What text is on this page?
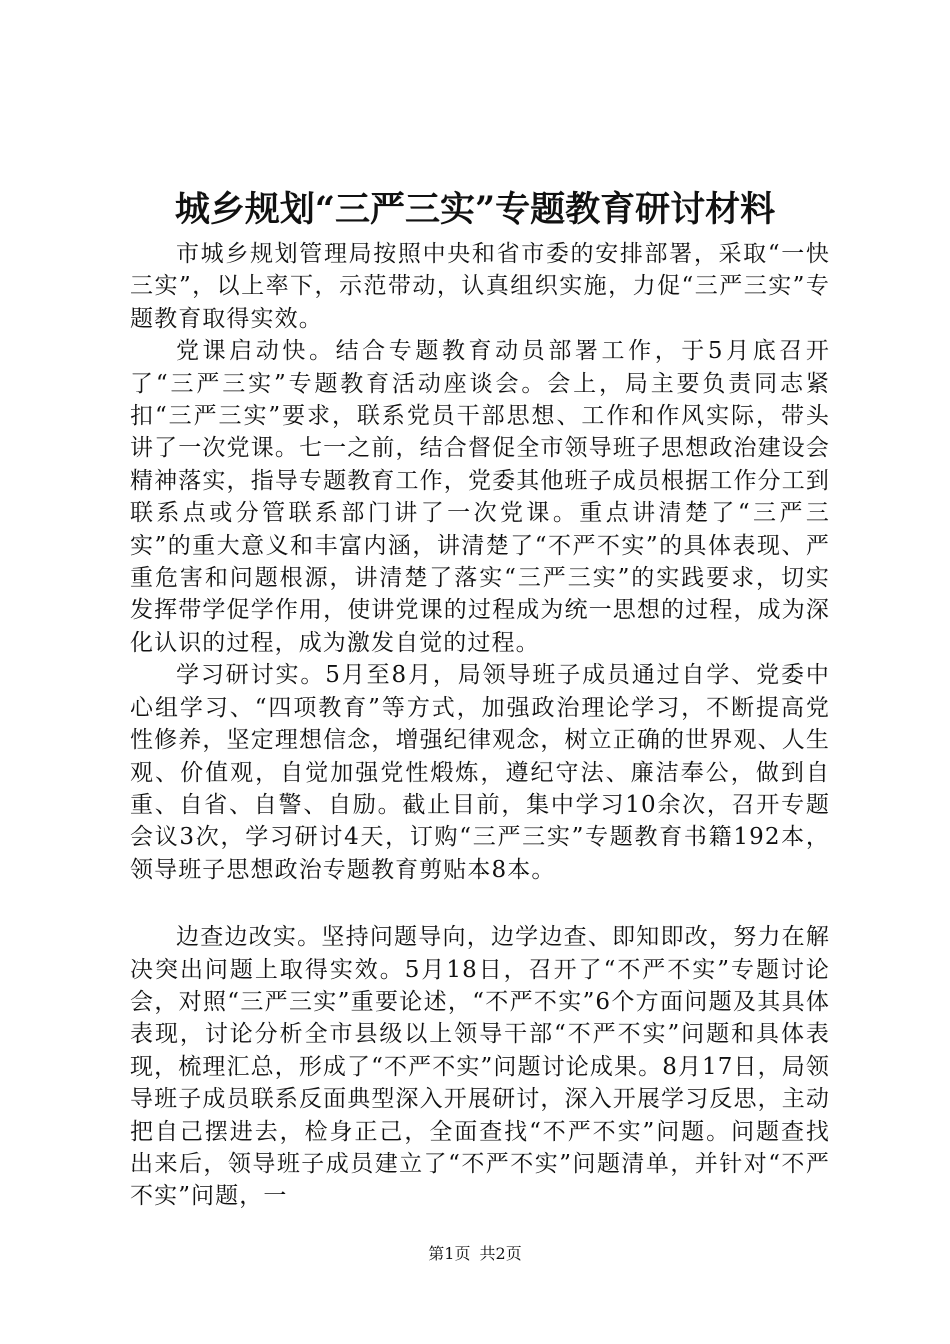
城乡规划“三严三实”专题教育研讨材料

市城乡规划管理局按照中央和省市委的安排部署，采取“一快三实”，以上率下，示范带动，认真组织实施，力促“三严三实”专题教育取得实效。

党课启动快。结合专题教育动员部署工作，于5月底召开了“三严三实”专题教育活动座谈会。会上，局主要负责同志紧扣“三严三实”要求，联系党员干部思想、工作和作风实际，带头讲了一次党课。七一之前，结合督促全市领导班子思想政治建设会精神落实，指导专题教育工作，党委其他班子成员根据工作分工到联系点或分管联系部门讲了一次党课。重点讲清楚了“三严三实”的重大意义和丰富内涵，讲清楚了“不严不实”的具体表现、严重危害和问题根源，讲清楚了落实“三严三实”的实践要求，切实发挥带学促学作用，使讲党课的过程成为统一思想的过程，成为深化认识的过程，成为激发自觉的过程。

学习研讨实。5月至8月，局领导班子成员通过自学、党委中心组学习、“四项教育”等方式，加强政治理论学习，不断提高党性修养，坚定理想信念，增强纪律观念，树立正确的世界观、人生观、价值观，自觉加强党性煅炼，遵纪守法、廉洁奉公，做到自重、自省、自警、自励。截止目前，集中学习10余次，召开专题会议3次，学习研讨4天，订购“三严三实”专题教育书籍192本，领导班子思想政治专题教育剪贴本8本。

边查边改实。坚持问题导向，边学边查、即知即改，努力在解决突出问题上取得实效。5月18日，召开了“不严不实”专题讨论会，对照“三严三实”重要论述，“不严不实”6个方面问题及其具体表现，讨论分析全市县级以上领导干部“不严不实”问题和具体表现，梳理汇总，形成了“不严不实”问题讨论成果。8月17日，局领导班子成员联系反面典型深入开展研讨，深入开展学习反思，主动把自己摆进去，检身正己，全面查找“不严不实”问题。问题查找出来后，领导班子成员建立了“不严不实”问题清单，并针对“不严不实”问题，一

第1页 共2页
